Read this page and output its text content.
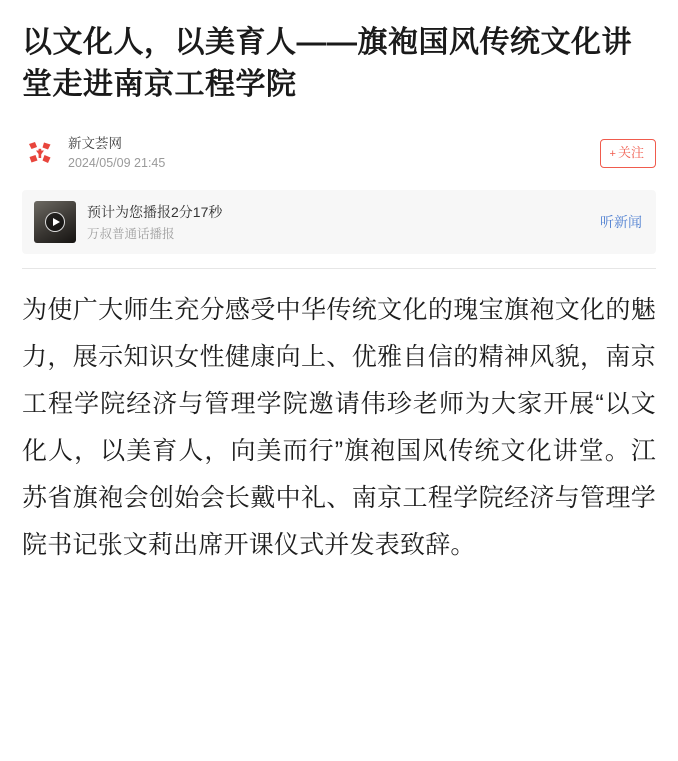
以文化人，以美育人——旗袍国风传统文化讲堂走进南京工程学院
新文荟网
2024/05/09 21:45
+ 关注
预计为您播报2分17秒
万叔普通话播报
听新闻

为使广大师生充分感受中华传统文化的瑰宝旗袍文化的魅力，展示知识女性健康向上、优雅自信的精神风貌，南京工程学院经济与管理学院邀请伟珍老师为大家开展“以文化人，以美育人，向美而行”旗袍国风传统文化讲堂。江苏省旗袍会创始会长戴中礼、南京工程学院经济与管理学院书记张文莉出席开课仪式并发表致辞。
